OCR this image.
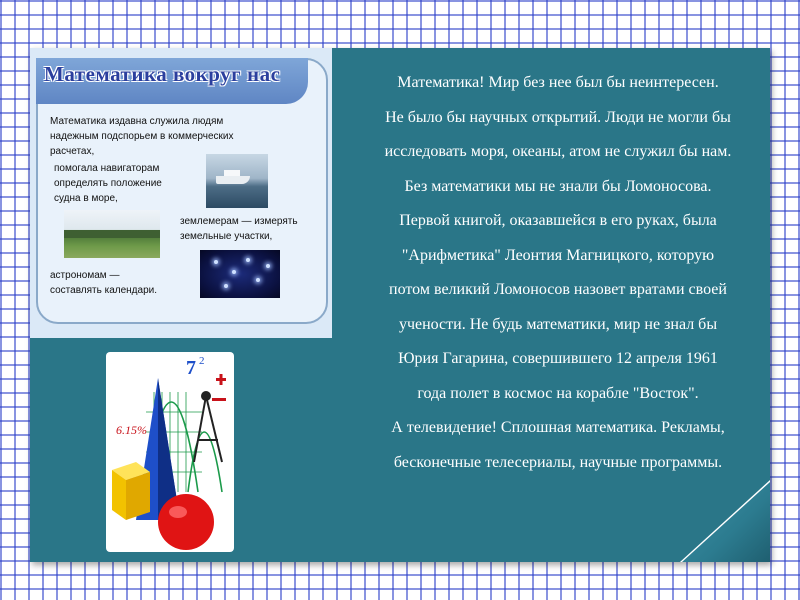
Математика! Мир без нее был бы неинтересен.

Не было бы научных открытий. Люди не могли бы

исследовать моря, океаны, атом не служил бы нам.

Без математики мы не знали бы Ломоносова.

Первой книгой, оказавшейся в его руках, была

"Арифметика" Леонтия Магницкого, которую

потом великий Ломоносов назовет вратами своей

учености. Не будь математики, мир не знал бы

Юрия Гагарина, совершившего 12 апреля 1961

года полет в космос на корабле "Восток".

А телевидение! Сплошная математика. Рекламы,

бесконечные телесериалы, научные программы.

Математика вокруг нас
Математика издавна служила людям
надежным подспорьем в коммерческих
расчетах,
помогала навигаторам
определять положение
судна в море,
землемерам — измерять
земельные участки,
астрономам —
составлять календари.
6.15%
7 2
